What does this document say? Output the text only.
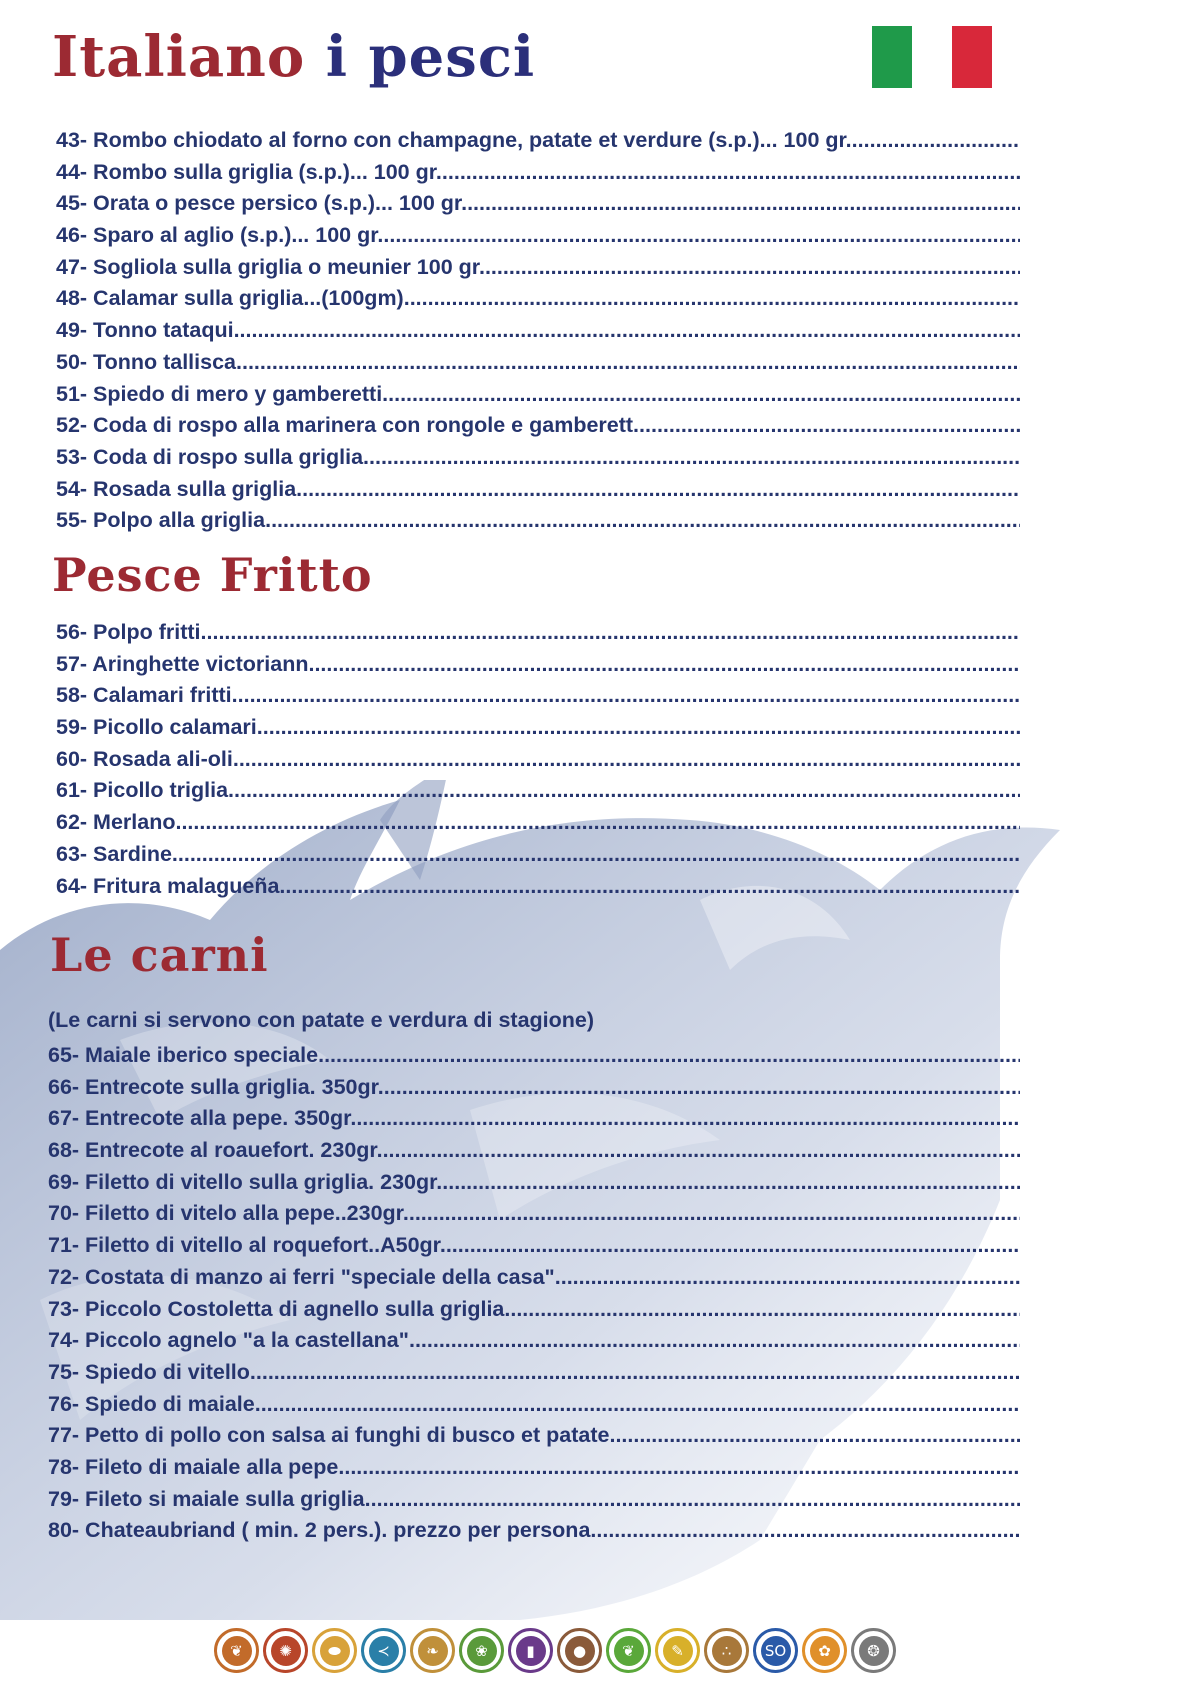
Italiano i pesci
43- Rombo chiodato al forno con champagne, patate et verdure (s.p.)... 100 gr.
.....
44- Rombo sulla griglia (s.p.)... 100 gr.
.....
45- Orata o pesce persico (s.p.)... 100 gr.
.....
46- Sparo al aglio (s.p.)... 100 gr.
.....
47- Sogliola sulla griglia o meunier 100 gr.
.....
48- Calamar sulla griglia...(100gm).
.....
49- Tonno tataqui.
.....
50- Tonno tallisca.
.....
51- Spiedo di mero y gamberetti.
.....
52- Coda di rospo alla marinera con rongole e gamberett.
.....
53- Coda di rospo sulla griglia.
.....
54- Rosada sulla griglia.
.....
55- Polpo alla griglia
.....
Pesce Fritto
56- Polpo fritti.
.....
57- Aringhette victoriann.
.....
58- Calamari fritti.
.....
59- Picollo calamari.
.....
60- Rosada ali-oli
.....
61- Picollo triglia.
.....
62- Merlano.
.....
63- Sardine.
.....
64- Fritura malagueña.
.....
Le carni
(Le carni si servono con patate e verdura di stagione)
65- Maiale iberico speciale.
.....
66- Entrecote sulla griglia. 350gr.
.....
67- Entrecote alla pepe. 350gr.
.....
68- Entrecote al roauefort. 230gr.
.....
69- Filetto di vitello sulla griglia. 230gr.
.....
70- Filetto di vitelo alla pepe..230gr.
.....
71- Filetto di vitello al roquefort..A50gr.
.....
72- Costata di manzo ai ferri "speciale della casa".
.....
73- Piccolo Costoletta di agnello sulla griglia.
.....
74- Piccolo agnelo "a la castellana".
.....
75- Spiedo di vitello.
.....
76- Spiedo di maiale.
.....
77- Petto di pollo con salsa ai funghi di busco et patate.
.....
78- Fileto di maiale alla pepe.
.....
79- Fileto si maiale sulla griglia.
.....
80- Chateaubriand ( min. 2 pers.). prezzo per persona.
.....
❦	✺	⬬	≺	❧	❀	▮	●	❦	✎	∴	SO	✿	❂
